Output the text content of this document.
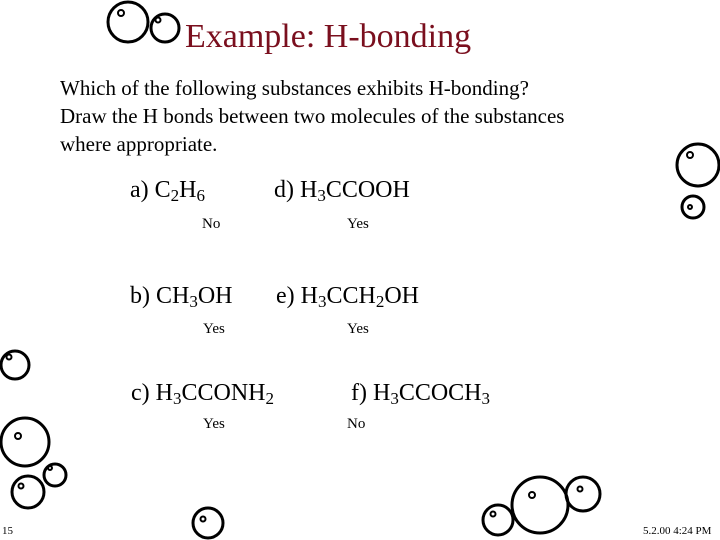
Example: H-bonding
Which of the following substances exhibits H-bonding?
Draw the H bonds between two molecules of the substances
where appropriate.
a) $C_2H_6$
No
d) $H_3CCOOH$
Yes
b) $CH_3OH$
Yes
e) $H_3CCH_2OH$
Yes
c) $H_3CCONH_2$
Yes
f) $H_3CCOCH_3$
No
15	5.2.00 4:24 PM
